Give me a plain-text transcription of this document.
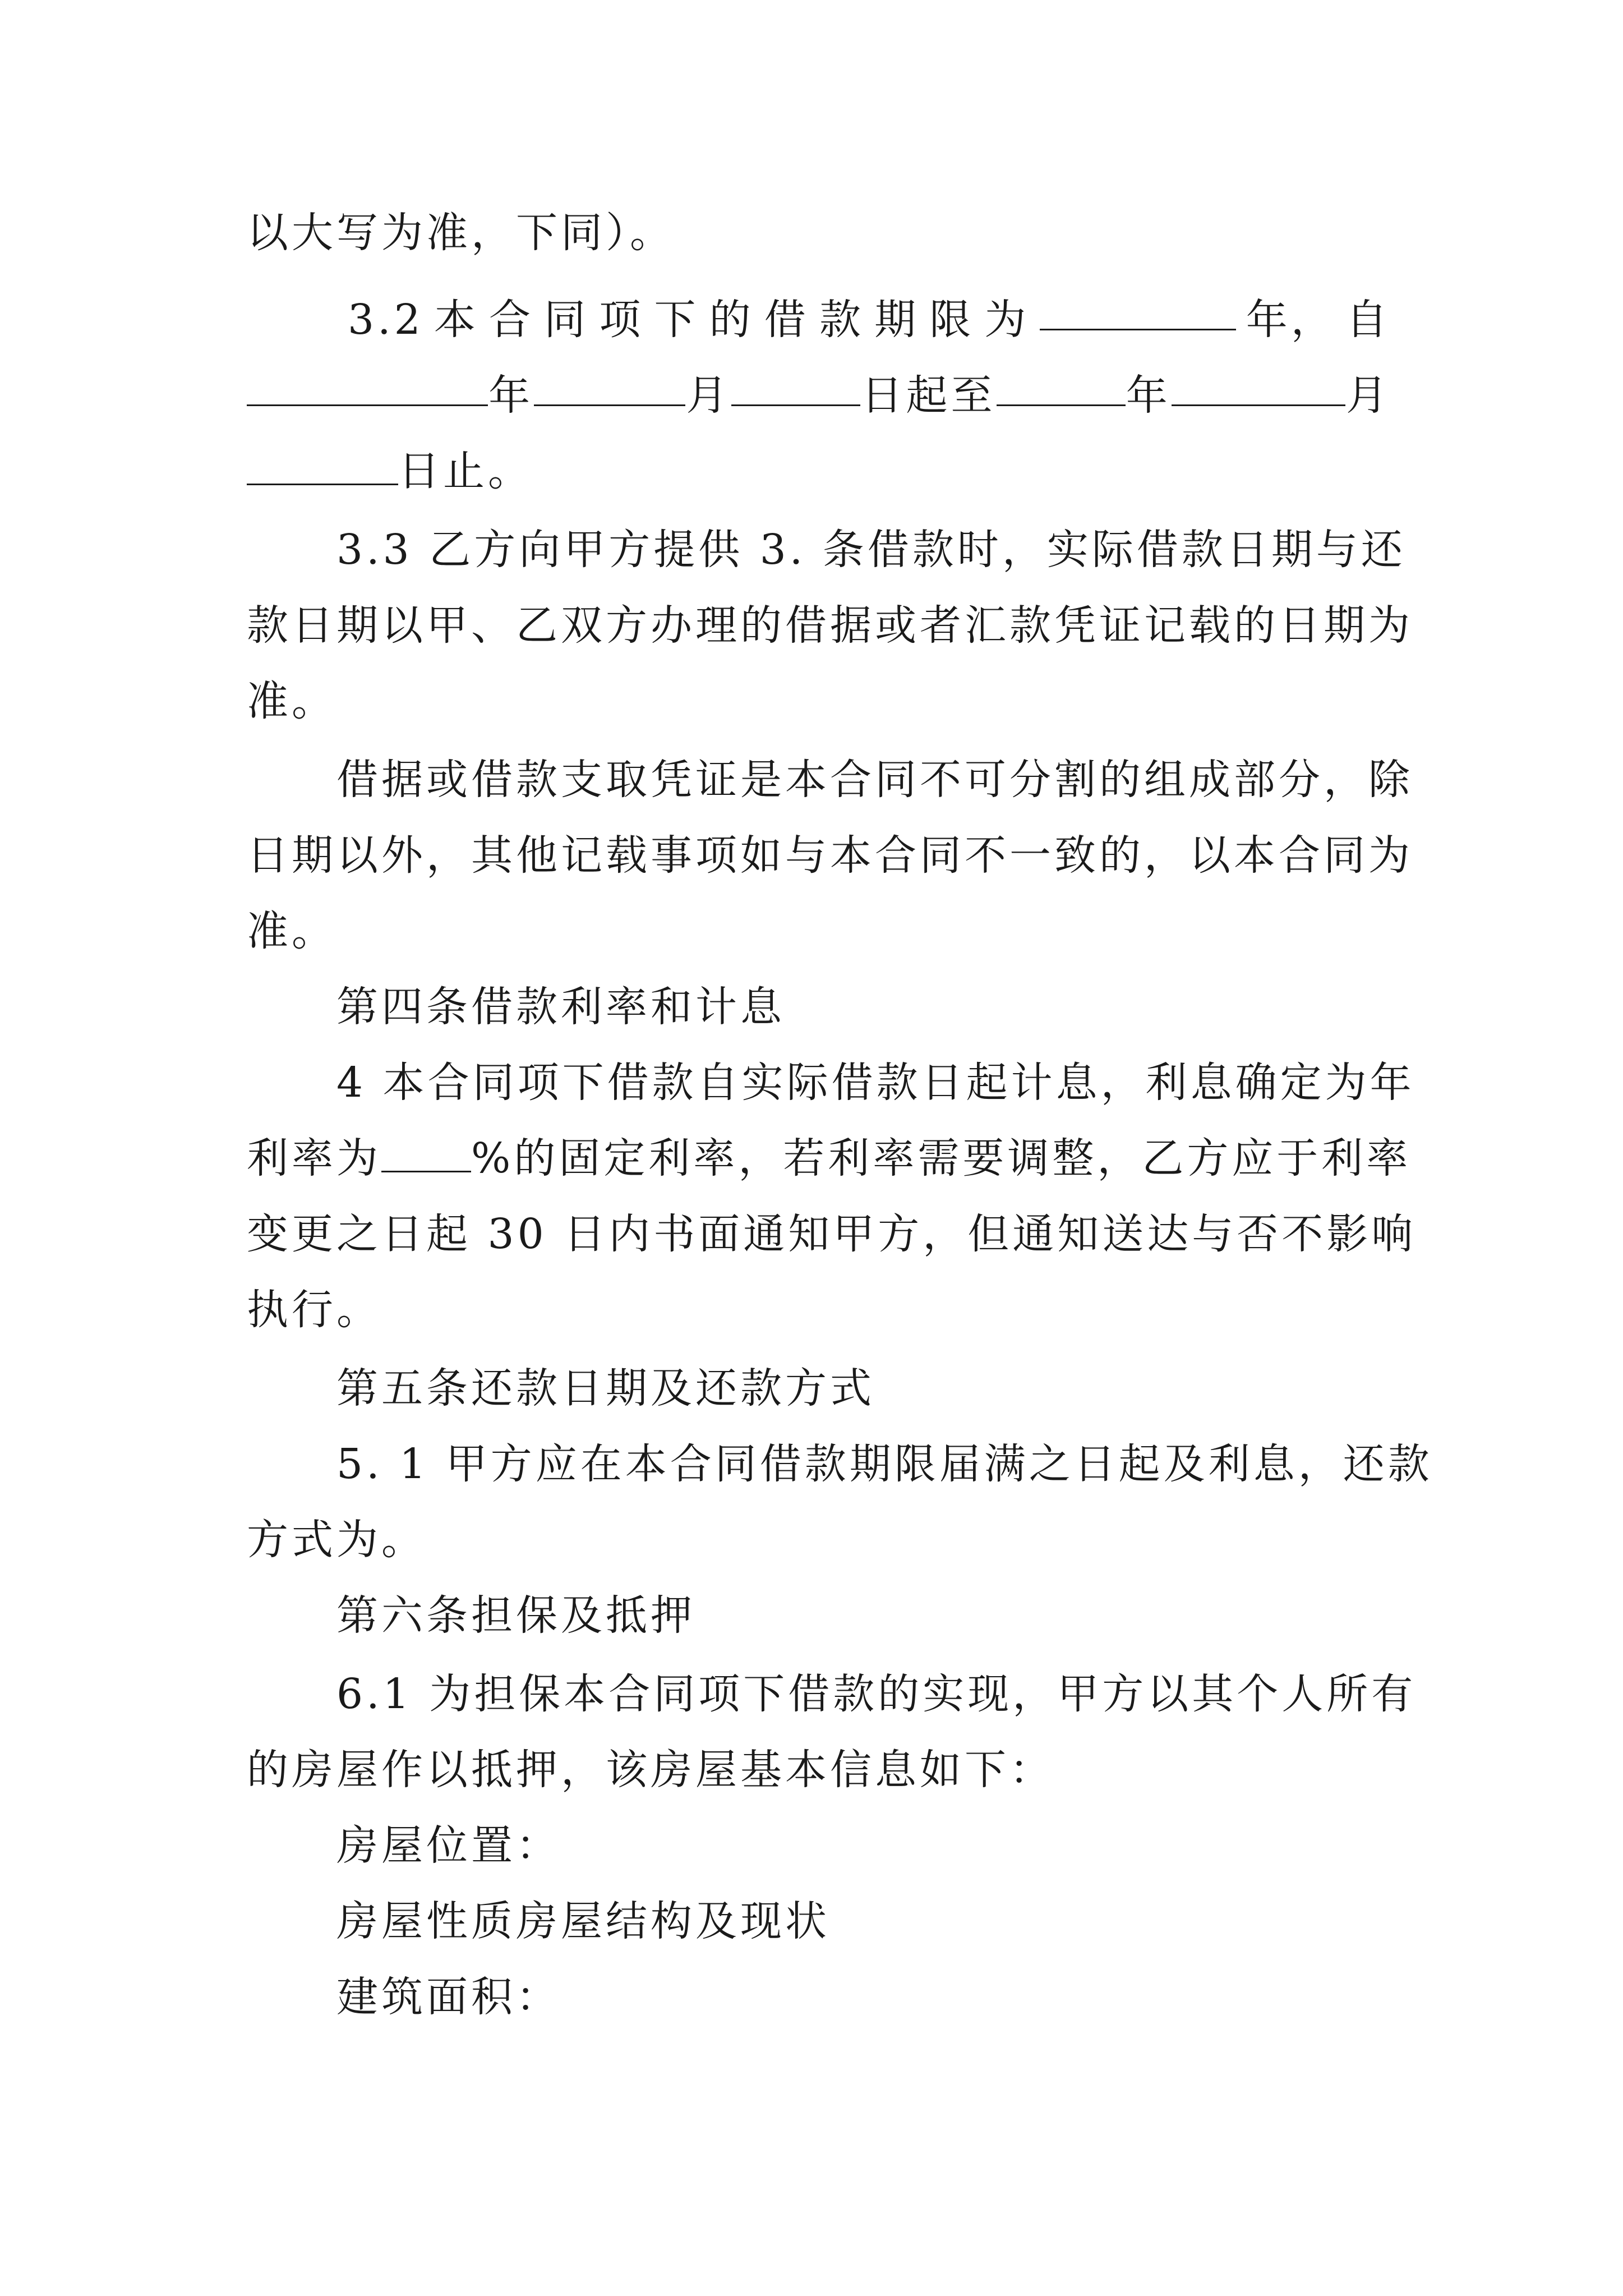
以大写为准，下同）。
3.2 本 合 同 项 下 的 借 款 期 限 为	年， 自
年	月	日起至	年	月
日止。
3.3 乙方向甲方提供 3. 条借款时，实际借款日期与还
款日期以甲、乙双方办理的借据或者汇款凭证记载的日期为
准。
借据或借款支取凭证是本合同不可分割的组成部分，除
日期以外，其他记载事项如与本合同不一致的，以本合同为
准。
第四条借款利率和计息
4 本合同项下借款自实际借款日起计息，利息确定为年
利率为 %的固定利率，若利率需要调整，乙方应于利率
变更之日起 30 日内书面通知甲方，但通知送达与否不影响
执行。
第五条还款日期及还款方式
5. 1 甲方应在本合同借款期限届满之日起及利息，还款
方式为。
第六条担保及抵押
6.1 为担保本合同项下借款的实现，甲方以其个人所有
的房屋作以抵押，该房屋基本信息如下：
房屋位置：
房屋性质房屋结构及现状
建筑面积：
